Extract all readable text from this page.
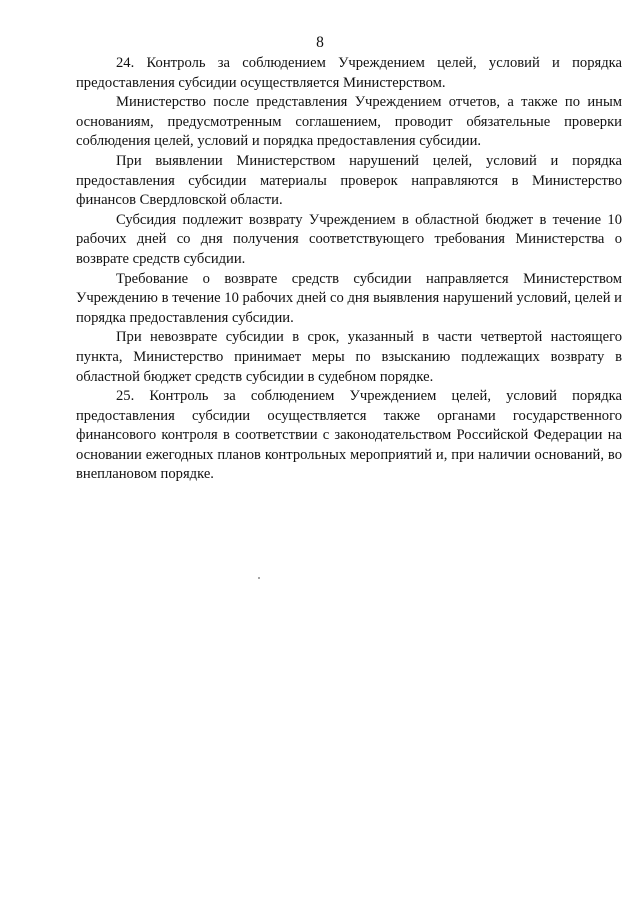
8

24. Контроль за соблюдением Учреждением целей, условий и порядка предоставления субсидии осуществляется Министерством.

Министерство после представления Учреждением отчетов, а также по иным основаниям, предусмотренным соглашением, проводит обязательные проверки соблюдения целей, условий и порядка предоставления субсидии.

При выявлении Министерством нарушений целей, условий и порядка предоставления субсидии материалы проверок направляются в Министерство финансов Свердловской области.

Субсидия подлежит возврату Учреждением в областной бюджет в течение 10 рабочих дней со дня получения соответствующего требования Министерства о возврате средств субсидии.

Требование о возврате средств субсидии направляется Министерством Учреждению в течение 10 рабочих дней со дня выявления нарушений условий, целей и порядка предоставления субсидии.

При невозврате субсидии в срок, указанный в части четвертой настоящего пункта, Министерство принимает меры по взысканию подлежащих возврату в областной бюджет средств субсидии в судебном порядке.

25. Контроль за соблюдением Учреждением целей, условий порядка предоставления субсидии осуществляется также органами государственного финансового контроля в соответствии с законодательством Российской Федерации на основании ежегодных планов контрольных мероприятий и, при наличии оснований, во внеплановом порядке.
